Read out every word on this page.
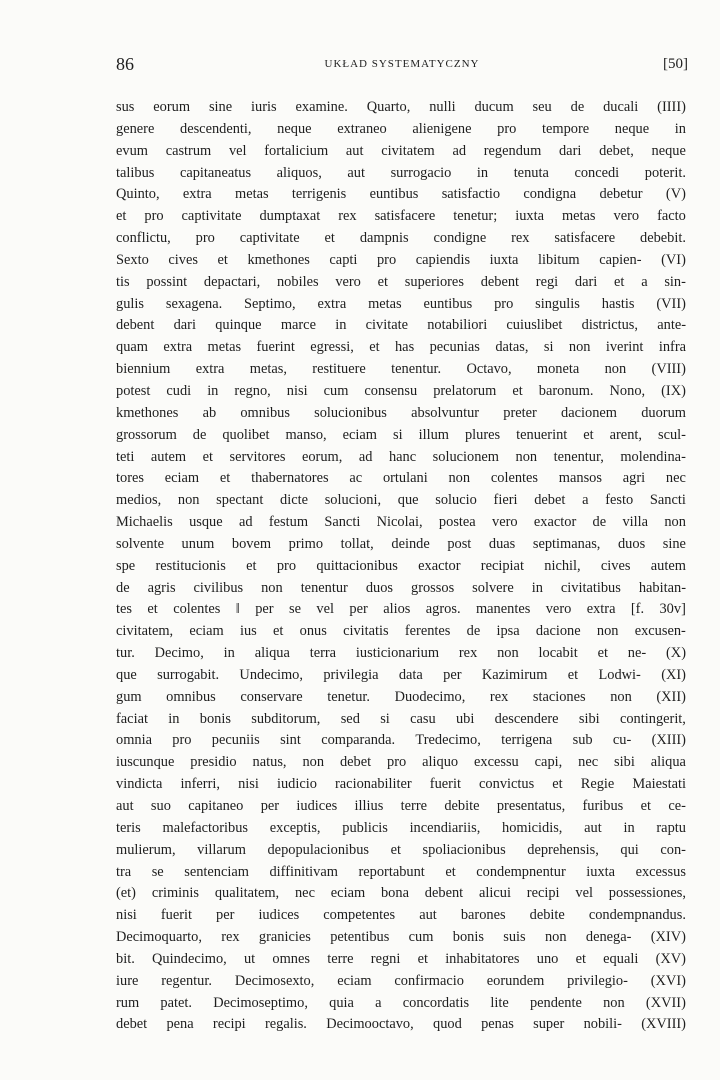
86	UKŁAD SYSTEMATYCZNY	[50]
sus eorum sine iuris examine. Quarto, nulli ducum seu de ducali (IIII)
genere descendenti, neque extraneo alienigene pro tempore neque in
evum castrum vel fortalicium aut civitatem ad regendum dari debet, neque
talibus capitaneatus aliquos, aut surrogacio in tenuta concedi poterit.
Quinto, extra metas terrigenis euntibus satisfactio condigna debetur (V)
et pro captivitate dumptaxat rex satisfacere tenetur; iuxta metas vero facto
conflictu, pro captivitate et dampnis condigne rex satisfacere debebit.
Sexto cives et kmethones capti pro capiendis iuxta libitum capien- (VI)
tis possint depactari, nobiles vero et superiores debent regi dari et a sin-
gulis sexagena. Septimo, extra metas euntibus pro singulis hastis (VII)
debent dari quinque marce in civitate notabiliori cuiuslibet districtus, ante-
quam extra metas fuerint egressi, et has pecunias datas, si non iverint infra
biennium extra metas, restituere tenentur. Octavo, moneta non (VIII)
potest cudi in regno, nisi cum consensu prelatorum et baronum. Nono, (IX)
kmethones ab omnibus solucionibus absolvuntur preter dacionem duorum
grossorum de quolibet manso, eciam si illum plures tenuerint et arent, scul-
teti autem et servitores eorum, ad hanc solucionem non tenentur, molendina-
tores eciam et thabernatores ac ortulani non colentes mansos agri nec
medios, non spectant dicte solucioni, que solucio fieri debet a festo Sancti
Michaelis usque ad festum Sancti Nicolai, postea vero exactor de villa non
solvente unum bovem primo tollat, deinde post duas septimanas, duos sine
spe restitucionis et pro quittacionibus exactor recipiat nichil, cives autem
de agris civilibus non tenentur duos grossos solvere in civitatibus habitan-
tes et colentes ‖ per se vel per alios agros. manentes vero extra [f. 30v]
civitatem, eciam ius et onus civitatis ferentes de ipsa dacione non excusen-
tur. Decimo, in aliqua terra iusticionarium rex non locabit et ne- (X)
que surrogabit. Undecimo, privilegia data per Kazimirum et Lodwi- (XI)
gum omnibus conservare tenetur. Duodecimo, rex staciones non (XII)
faciat in bonis subditorum, sed si casu ubi descendere sibi contingerit,
omnia pro pecuniis sint comparanda. Tredecimo, terrigena sub cu- (XIII)
iuscunque presidio natus, non debet pro aliquo excessu capi, nec sibi aliqua
vindicta inferri, nisi iudicio racionabiliter fuerit convictus et Regie Maiestati
aut suo capitaneo per iudices illius terre debite presentatus, furibus et ce-
teris malefactoribus exceptis, publicis incendiariis, homicidis, aut in raptu
mulierum, villarum depopulacionibus et spoliacionibus deprehensis, qui con-
tra se sentenciam diffinitivam reportabunt et condempnentur iuxta excessus
(et) criminis qualitatem, nec eciam bona debent alicui recipi vel possessiones,
nisi fuerit per iudices competentes aut barones debite condempnandus.
Decimoquarto, rex granicies petentibus cum bonis suis non denega- (XIV)
bit. Quindecimo, ut omnes terre regni et inhabitatores uno et equali (XV)
iure regentur. Decimosexto, eciam confirmacio eorundem privilegio- (XVI)
rum patet. Decimoseptimo, quia a concordatis lite pendente non (XVII)
debet pena recipi regalis. Decimooctavo, quod penas super nobili- (XVIII)
